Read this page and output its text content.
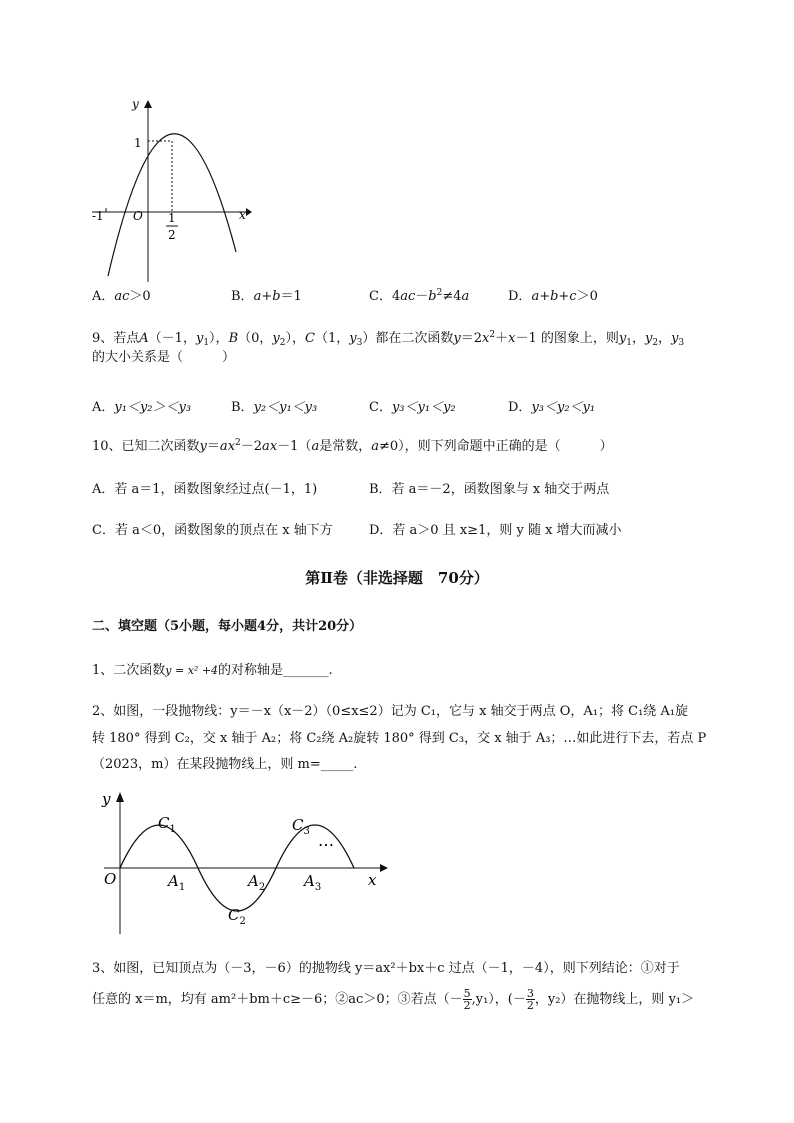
y
x
O
1
-1	1
2
A．ac＞0	B．a+b＝1	C．$4ac-b^2\ne 4a$	D．a+b+c＞0
9、若点A（－1，$y_1$），B（0，$y_2$），C（1，$y_3$）都在二次函数$y=2x^2+x-1$ 的图象上，则$y_1$，$y_2$，$y_3$
的大小关系是（　　　）
A．y₁＜y₂＞＜y₃	B．y₂＜y₁＜y₃	C．y₃＜y₁＜y₂	D．y₃＜y₂＜y₁
10、已知二次函数$y=ax^2-2ax-1(a$是常数，a≠0），则下列命题中正确的是（　　　）
A．若 a＝1，函数图象经过点(－1，1)	B．若 a＝－2，函数图象与 x 轴交于两点
C．若 a＜0，函数图象的顶点在 x 轴下方	D．若 a＞0 且 x≥1，则 y 随 x 增大而减小
第Ⅱ卷（非选择题　70分）
二、填空题（5小题，每小题4分，共计20分）
1、二次函数y = x² +4的对称轴是_______.
2、如图，一段抛物线：y＝－x（x－2）（0≤x≤2）记为 C₁，它与 x 轴交于两点 O，A₁；将 C₁绕 A₁旋
转 180° 得到 C₂，交 x 轴于 A₂；将 C₂绕 A₂旋转 180° 得到 C₃，交 x 轴于 A₃；…如此进行下去，若点 P
（2023，m）在某段抛物线上，则 m=_____.
y
x
O
$C_1$
$C_2$
$C_3$
$A_1$	$A_2$	$A_3$
…
3、如图，已知顶点为（－3，－6）的抛物线 y＝ax²＋bx＋c 过点（－1，－4），则下列结论：①对于
任意的 x＝m，均有 am²＋bm＋c≥－6；②ac＞0；③若点（－ $\frac{5}{2} ,y_1$），(－ $\frac{3}{2}$ ，y₂）在抛物线上，则 y₁＞
